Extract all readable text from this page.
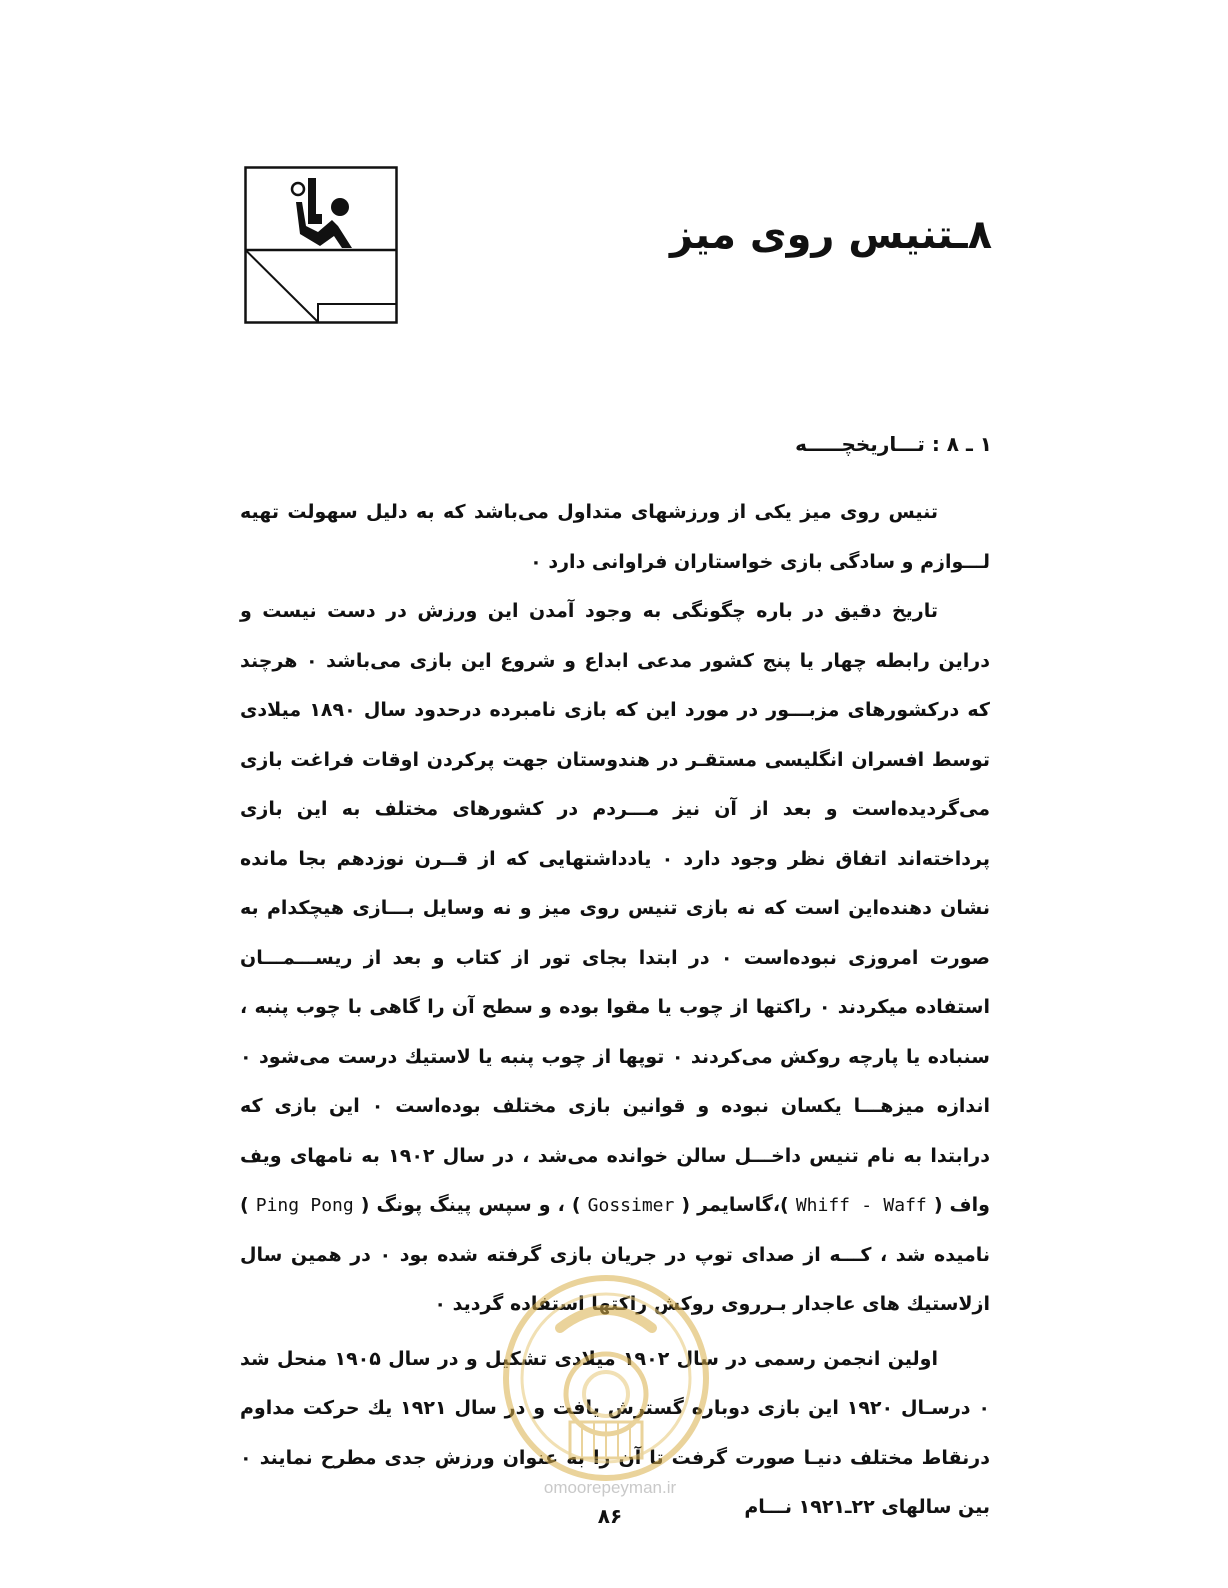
۸ـتنیس روی میز
۱ ـ ۸ : تـــاریخچـــــه

تنیس روی میز یکی از ورزشهای متداول می‌باشد که به دلیل سهولت تهیه لـــوازم و سادگی بازی خواستاران فراوانی دارد ۰

تاریخ دقیق در باره چگونگی به وجود آمدن این ورزش در دست نیست و دراین رابطه چهار یا پنج کشور مدعی ابداع و شروع این بازی می‌باشد ۰ هرچند که درکشورهای مزبـــور در مورد این که بازی نامبرده درحدود سال ۱۸۹۰ میلادی توسط افسران انگلیسی مستقـر در هندوستان جهت پرکردن اوقات فراغت بازی می‌گردیده‌است و بعد از آن نیز مـــردم در کشورهای مختلف به این بازی پرداخته‌اند اتفاق نظر وجود دارد ۰ یادداشتهایی که از قــرن نوزدهم بجا مانده نشان دهنده‌این است که نه بازی تنیس روی میز و نه وسایل بـــازی هیچکدام به صورت امروزی نبوده‌است ۰ در ابتدا بجای تور از کتاب و بعد از ریســـمـــان استفاده میکردند ۰ راکتها از چوب یا مقوا بوده و سطح آن را گاهی با چوب پنبه ، سنباده یا پارچه روکش می‌کردند ۰ توپها از چوب پنبه یا لاستیك درست می‌شود ۰ اندازه میزهـــا یکسان نبوده و قوانین بازی مختلف بوده‌است ۰ این بازی که درابتدا به نام تنیس داخـــل سالن خوانده می‌شد ، در سال ۱۹۰۲ به نامهای ویف واف ( Whiff - Waff )،گاسایمر ( Gossimer ) ، و سپس پینگ پونگ ( Ping Pong ) نامیده شد ، کـــه از صدای توپ در جریان بازی گرفته شده بود ۰ در همین سال ازلاستیك های عاجدار بـرروی روکش راکتها استفاده گردید ۰

اولین انجمن رسمی در سال ۱۹۰۲ میلادی تشکیل و در سال ۱۹۰۵ منحل شد ۰ درسـال ۱۹۲۰ این بازی دوباره گسترش یافت و در سال ۱۹۲۱ یك حرکت مداوم درنقاط مختلف دنیـا صورت گرفت تا آن را به عنوان ورزش جدی مطرح نمایند ۰ بین سالهای ۲۲ـ۱۹۲۱ نـــام

omoorepeyman.ir
۸۶
